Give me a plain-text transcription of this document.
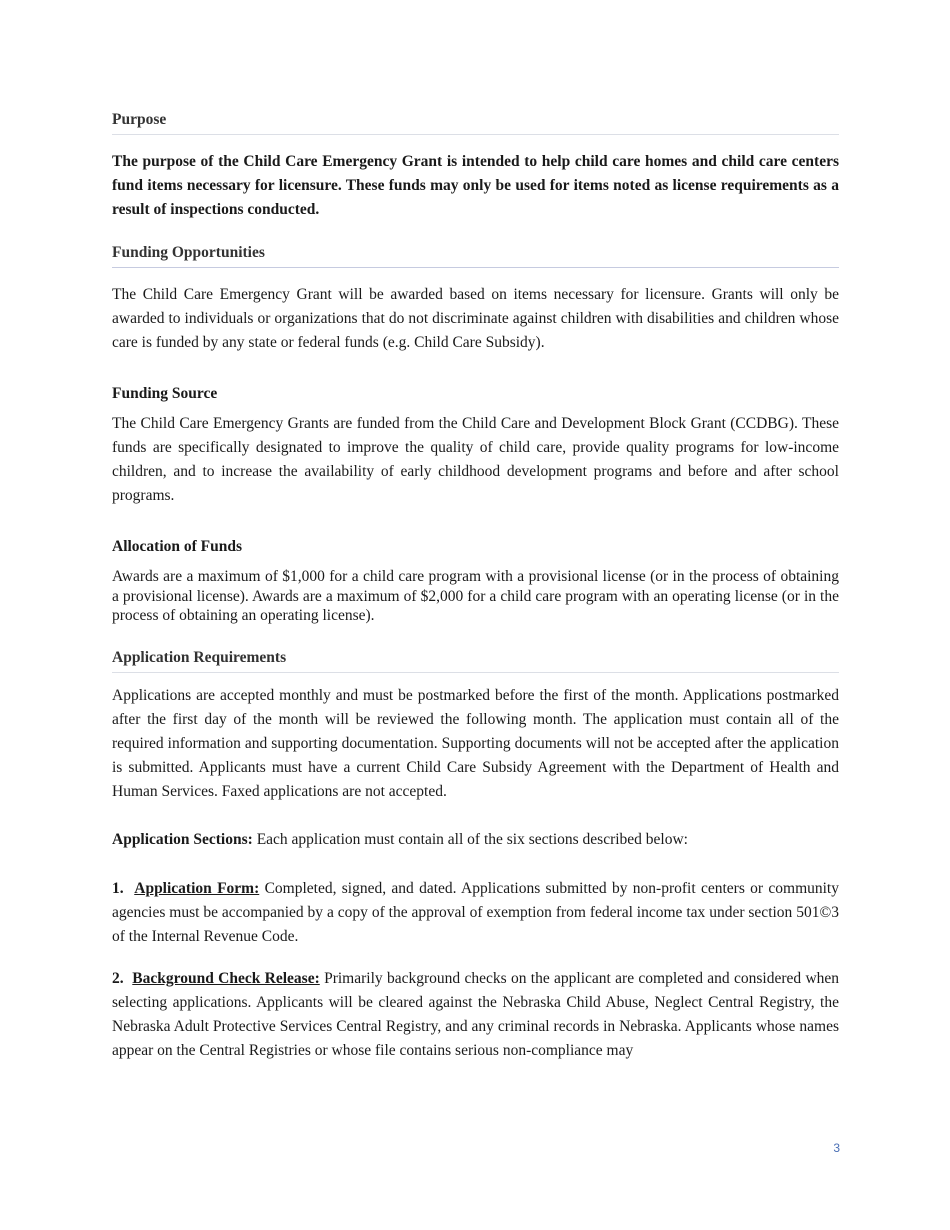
Purpose

The purpose of the Child Care Emergency Grant is intended to help child care homes and child care centers fund items necessary for licensure. These funds may only be used for items noted as license requirements as a result of inspections conducted.

Funding Opportunities

The Child Care Emergency Grant will be awarded based on items necessary for licensure. Grants will only be awarded to individuals or organizations that do not discriminate against children with disabilities and children whose care is funded by any state or federal funds (e.g. Child Care Subsidy).

Funding Source

The Child Care Emergency Grants are funded from the Child Care and Development Block Grant (CCDBG). These funds are specifically designated to improve the quality of child care, provide quality programs for low-income children, and to increase the availability of early childhood development programs and before and after school programs.

Allocation of Funds

Awards are a maximum of $1,000 for a child care program with a provisional license (or in the process of obtaining a provisional license). Awards are a maximum of $2,000 for a child care program with an operating license (or in the process of obtaining an operating license).

Application Requirements

Applications are accepted monthly and must be postmarked before the first of the month. Applications postmarked after the first day of the month will be reviewed the following month. The application must contain all of the required information and supporting documentation. Supporting documents will not be accepted after the application is submitted. Applicants must have a current Child Care Subsidy Agreement with the Department of Health and Human Services. Faxed applications are not accepted.

Application Sections: Each application must contain all of the six sections described below:

1. Application Form: Completed, signed, and dated. Applications submitted by non-profit centers or community agencies must be accompanied by a copy of the approval of exemption from federal income tax under section 501©3 of the Internal Revenue Code.

2. Background Check Release: Primarily background checks on the applicant are completed and considered when selecting applications. Applicants will be cleared against the Nebraska Child Abuse, Neglect Central Registry, the Nebraska Adult Protective Services Central Registry, and any criminal records in Nebraska. Applicants whose names appear on the Central Registries or whose file contains serious non-compliance may

3
